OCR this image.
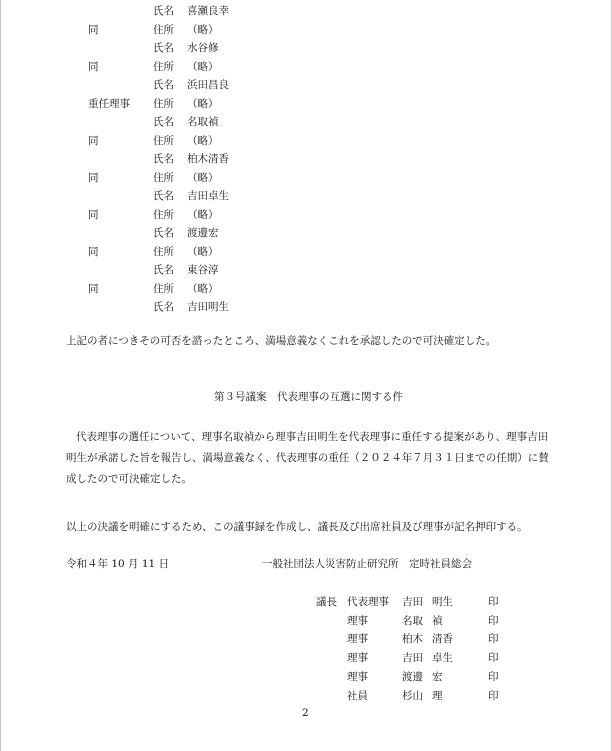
氏名 喜瀬良幸
同	住所 （略）
氏名 水谷修
同	住所 （略）
氏名 浜田昌良
重任理事 住所 （略）
氏名 名取禎
同	住所 （略）
氏名 柏木清香
同	住所 （略）
氏名 吉田卓生
同	住所 （略）
氏名 渡邊宏
同	住所 （略）
氏名 東谷淳
同	住所 （略）
氏名 吉田明生
上記の者につきその可否を諮ったところ、満場意義なくこれを承認したので可決確定した。
第３号議案　代表理事の互選に関する件
代表理事の選任について、理事名取禎から理事吉田明生を代表理事に重任する提案があり、理事吉田明生が承諾した旨を報告し、満場意義なく、代表理事の重任（２０２４年７月３１日までの任期）に賛成したので可決確定した。
以上の決議を明確にするため、この議事録を作成し、議長及び出席社員及び理事が記名押印する。
令和４年 10 月 11 日	一般社団法人災害防止研究所　定時社員総会
議長 代表理事 吉田 明生	印
理事	名取 禎	印
理事	柏木 清香	印
理事	吉田 卓生	印
理事	渡邊 宏	印
社員	杉山 理	印
2
